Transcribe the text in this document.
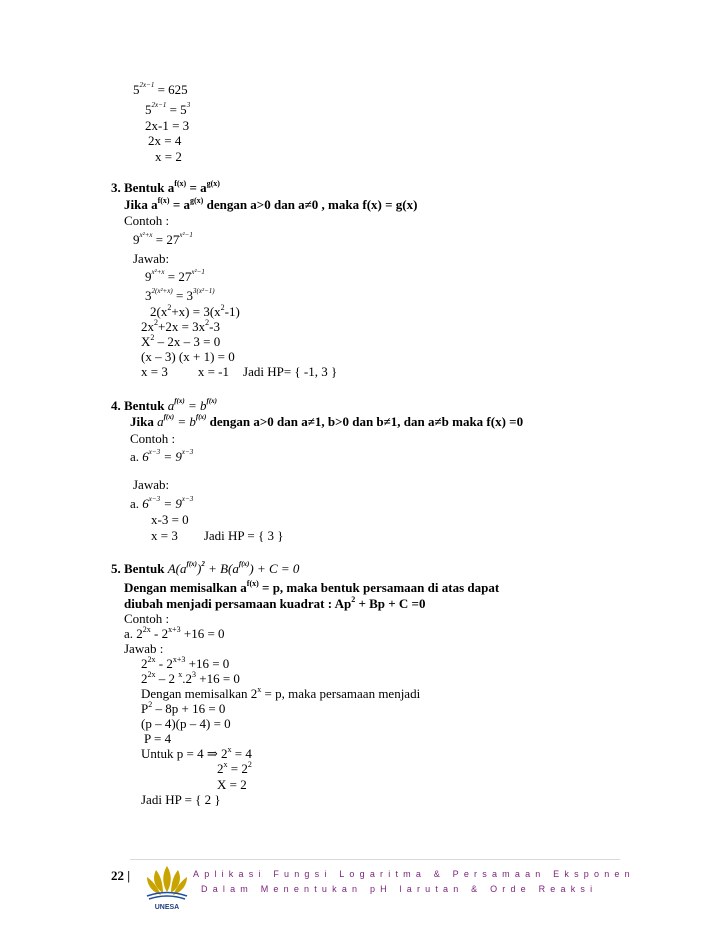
$5^{2x-1} = 625$
$5^{2x-1} = 5^3$
2x-1 = 3
2x = 4
x = 2
3. Bentuk $a^{f(x)} = a^{g(x)}$
Jika $a^{f(x)} = a^{g(x)}$ dengan a>0 dan a≠0 , maka f(x) = g(x)
Contoh :
$9^{x^2+x} = 27^{x^2-1}$
Jawab:
$9^{x^2+x} = 27^{x^2-1}$
$3^{2(x^2+x)} = 3^{3(x^2-1)}$
$2(x^2+x) = 3(x^2-1)$
$2x^2+2x = 3x^2-3$
$X^2 - 2x - 3 = 0$
(x – 3) (x + 1) = 0
x = 3 x = -1 Jadi HP= { -1, 3 }
4. Bentuk $a^{f(x)} = b^{f(x)}$
Jika $a^{f(x)} = b^{f(x)}$ dengan a>0 dan a≠1, b>0 dan b≠1, dan a≠b maka f(x) =0
Contoh :
a. $6^{x-3} = 9^{x-3}$
Jawab:
a. $6^{x-3} = 9^{x-3}$
x-3 = 0
x = 3 Jadi HP = { 3 }
5. Bentuk $A(a^{f(x)})^2 + B(a^{f(x)}) + C = 0$
Dengan memisalkan $a^{f(x)} = p$, maka bentuk persamaan di atas dapat
diubah menjadi persamaan kuadrat : $Ap^2 + Bp + C =0$
Contoh :
a. $2^{2x} - 2^{x+3} +16 = 0$
Jawab :
$2^{2x} - 2^{x+3} +16 = 0$
$2^{2x} - 2$ $^x.2^3 +16 = 0$
Dengan memisalkan $2^x = p$, maka persamaan menjadi
$P^2 - 8p + 16 = 0$
(p – 4)(p – 4) = 0
P = 4
Untuk p = 4 ⇒ $2^x = 4$
$2^x = 2^2$
X = 2
Jadi HP = { 2 }
22 |
UNESA
Aplikasi Fungsi Logaritma & Persamaan Eksponen
Dalam Menentukan pH larutan & Orde Reaksi
